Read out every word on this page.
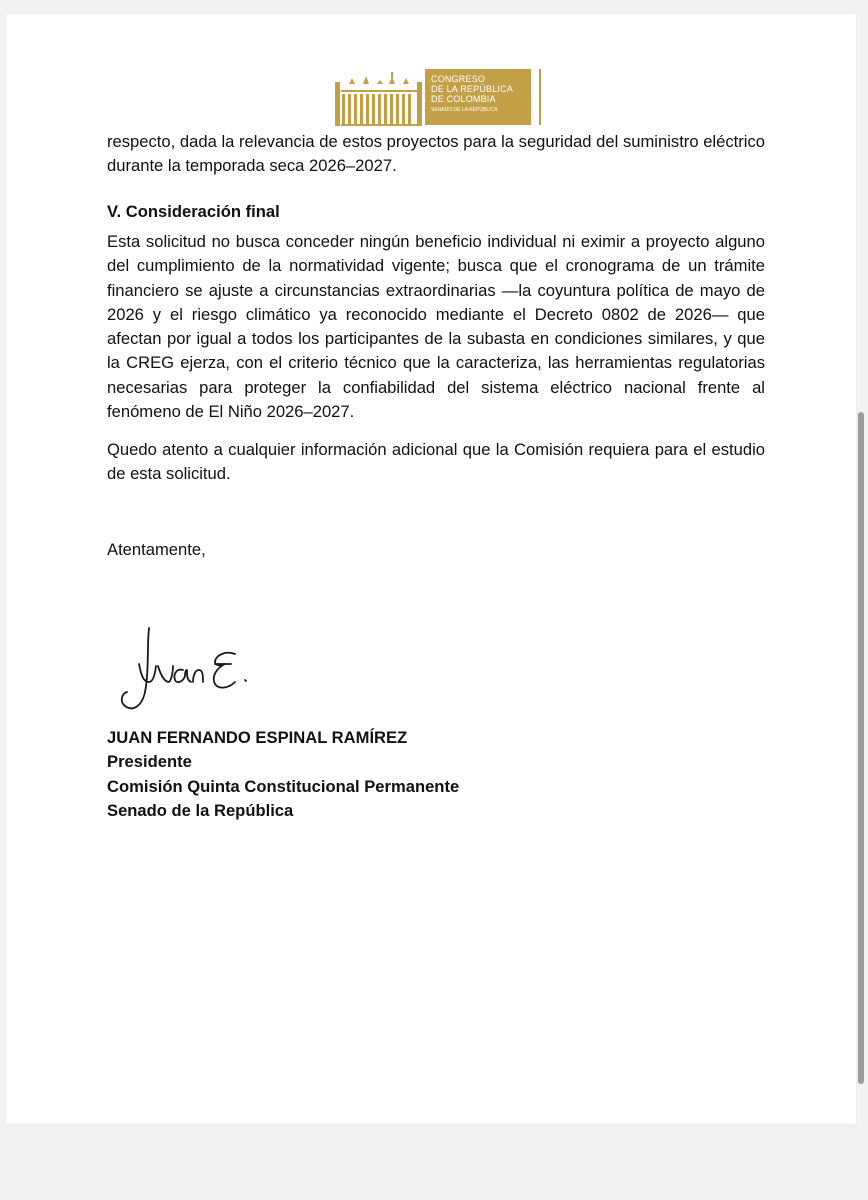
CONGRESO
DE LA REPÚBLICA
DE COLOMBIA
SENADO DE LA REPÚBLICA

respecto, dada la relevancia de estos proyectos para la seguridad del suministro eléctrico durante la temporada seca 2026–2027.

V. Consideración final

Esta solicitud no busca conceder ningún beneficio individual ni eximir a proyecto alguno del cumplimiento de la normatividad vigente; busca que el cronograma de un trámite financiero se ajuste a circunstancias extraordinarias —la coyuntura política de mayo de 2026 y el riesgo climático ya reconocido mediante el Decreto 0802 de 2026— que afectan por igual a todos los participantes de la subasta en condiciones similares, y que la CREG ejerza, con el criterio técnico que la caracteriza, las herramientas regulatorias necesarias para proteger la confiabilidad del sistema eléctrico nacional frente al fenómeno de El Niño 2026–2027.

Quedo atento a cualquier información adicional que la Comisión requiera para el estudio de esta solicitud.

Atentamente,

JUAN FERNANDO ESPINAL RAMÍREZ
Presidente
Comisión Quinta Constitucional Permanente
Senado de la República
